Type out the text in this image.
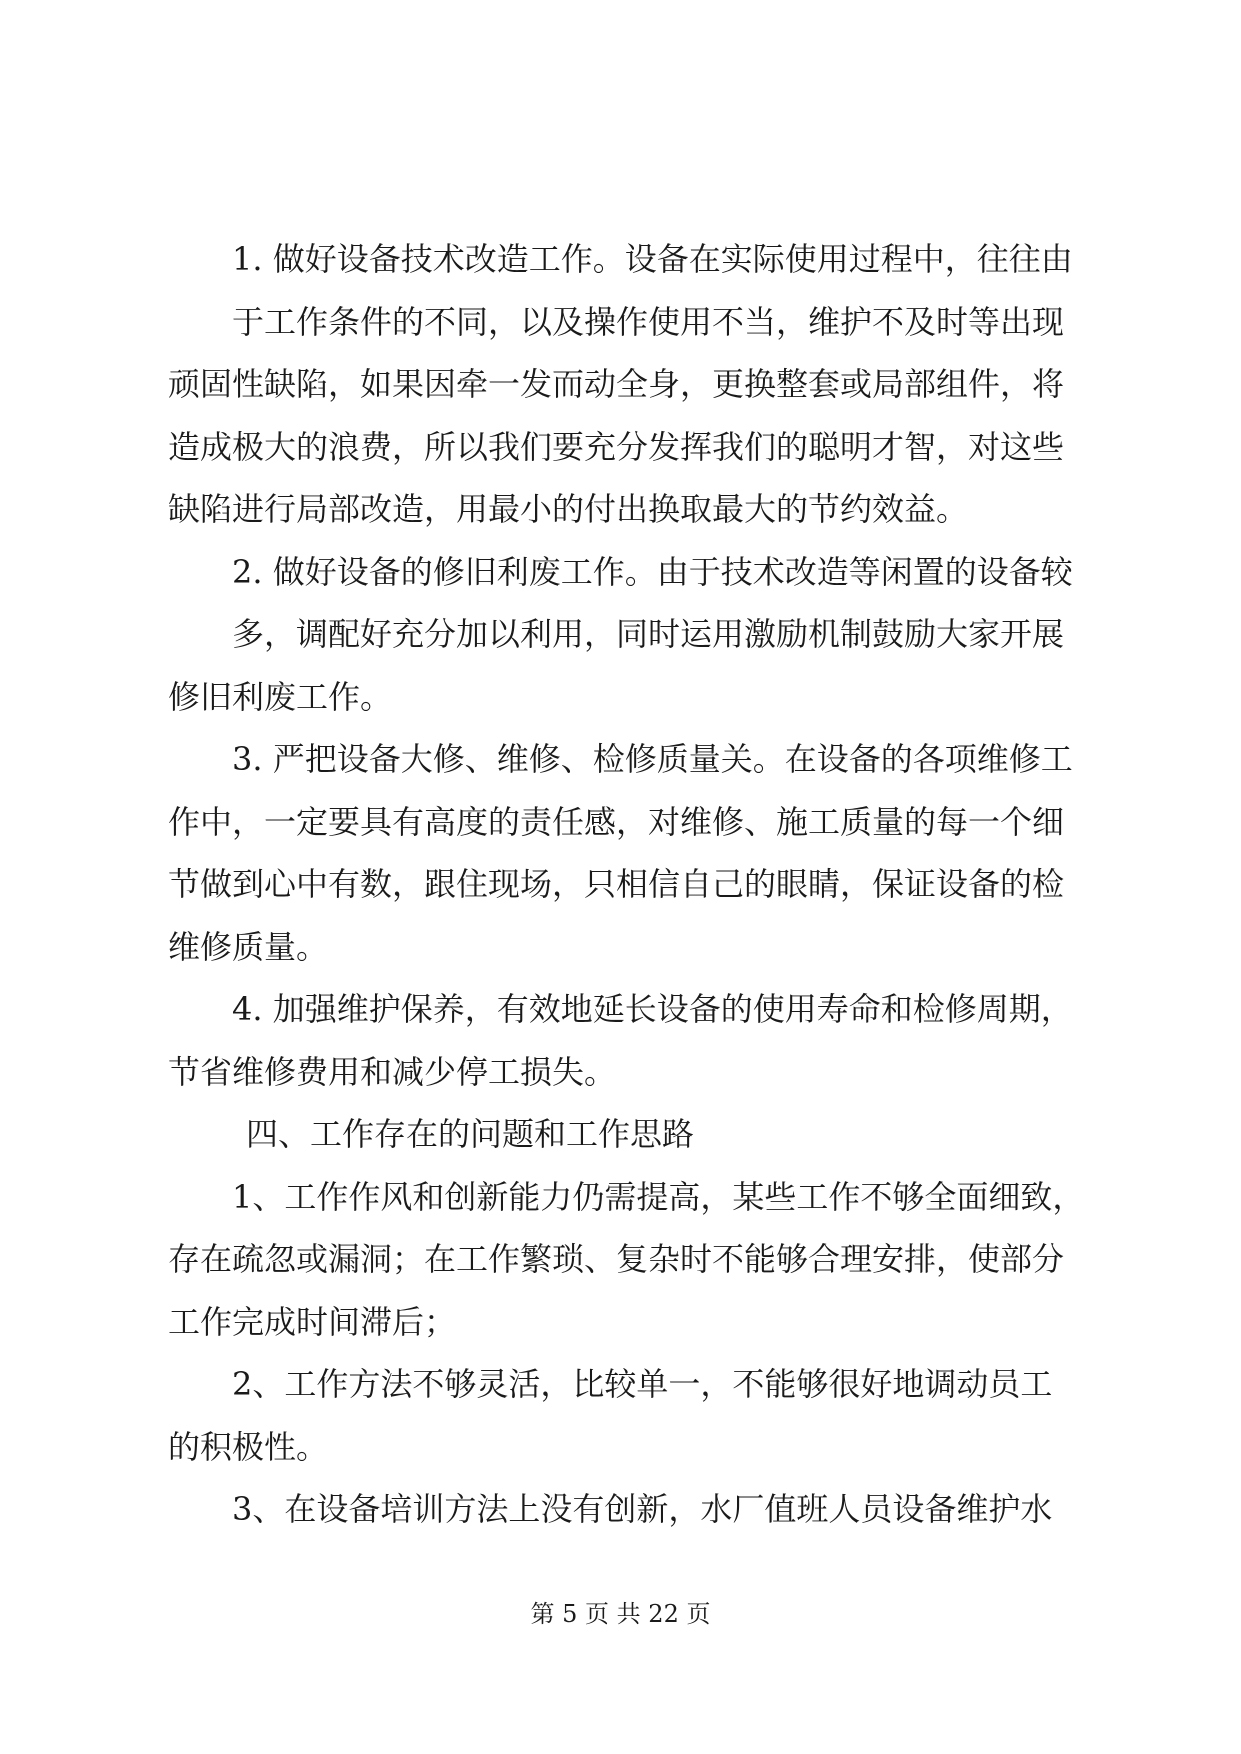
1. 做好设备技术改造工作。设备在实际使用过程中，往往由
于工作条件的不同，以及操作使用不当，维护不及时等出现
顽固性缺陷，如果因牵一发而动全身，更换整套或局部组件，将
造成极大的浪费，所以我们要充分发挥我们的聪明才智，对这些
缺陷进行局部改造，用最小的付出换取最大的节约效益。
2. 做好设备的修旧利废工作。由于技术改造等闲置的设备较
多，调配好充分加以利用，同时运用激励机制鼓励大家开展
修旧利废工作。
3. 严把设备大修、维修、检修质量关。在设备的各项维修工
作中，一定要具有高度的责任感，对维修、施工质量的每一个细
节做到心中有数，跟住现场，只相信自己的眼睛，保证设备的检
维修质量。
4. 加强维护保养，有效地延长设备的使用寿命和检修周期，
节省维修费用和减少停工损失。
四、工作存在的问题和工作思路
1、工作作风和创新能力仍需提高，某些工作不够全面细致，
存在疏忽或漏洞；在工作繁琐、复杂时不能够合理安排，使部分
工作完成时间滞后；
2、工作方法不够灵活，比较单一，不能够很好地调动员工
的积极性。
3、在设备培训方法上没有创新，水厂值班人员设备维护水
第 5 页 共 22 页
